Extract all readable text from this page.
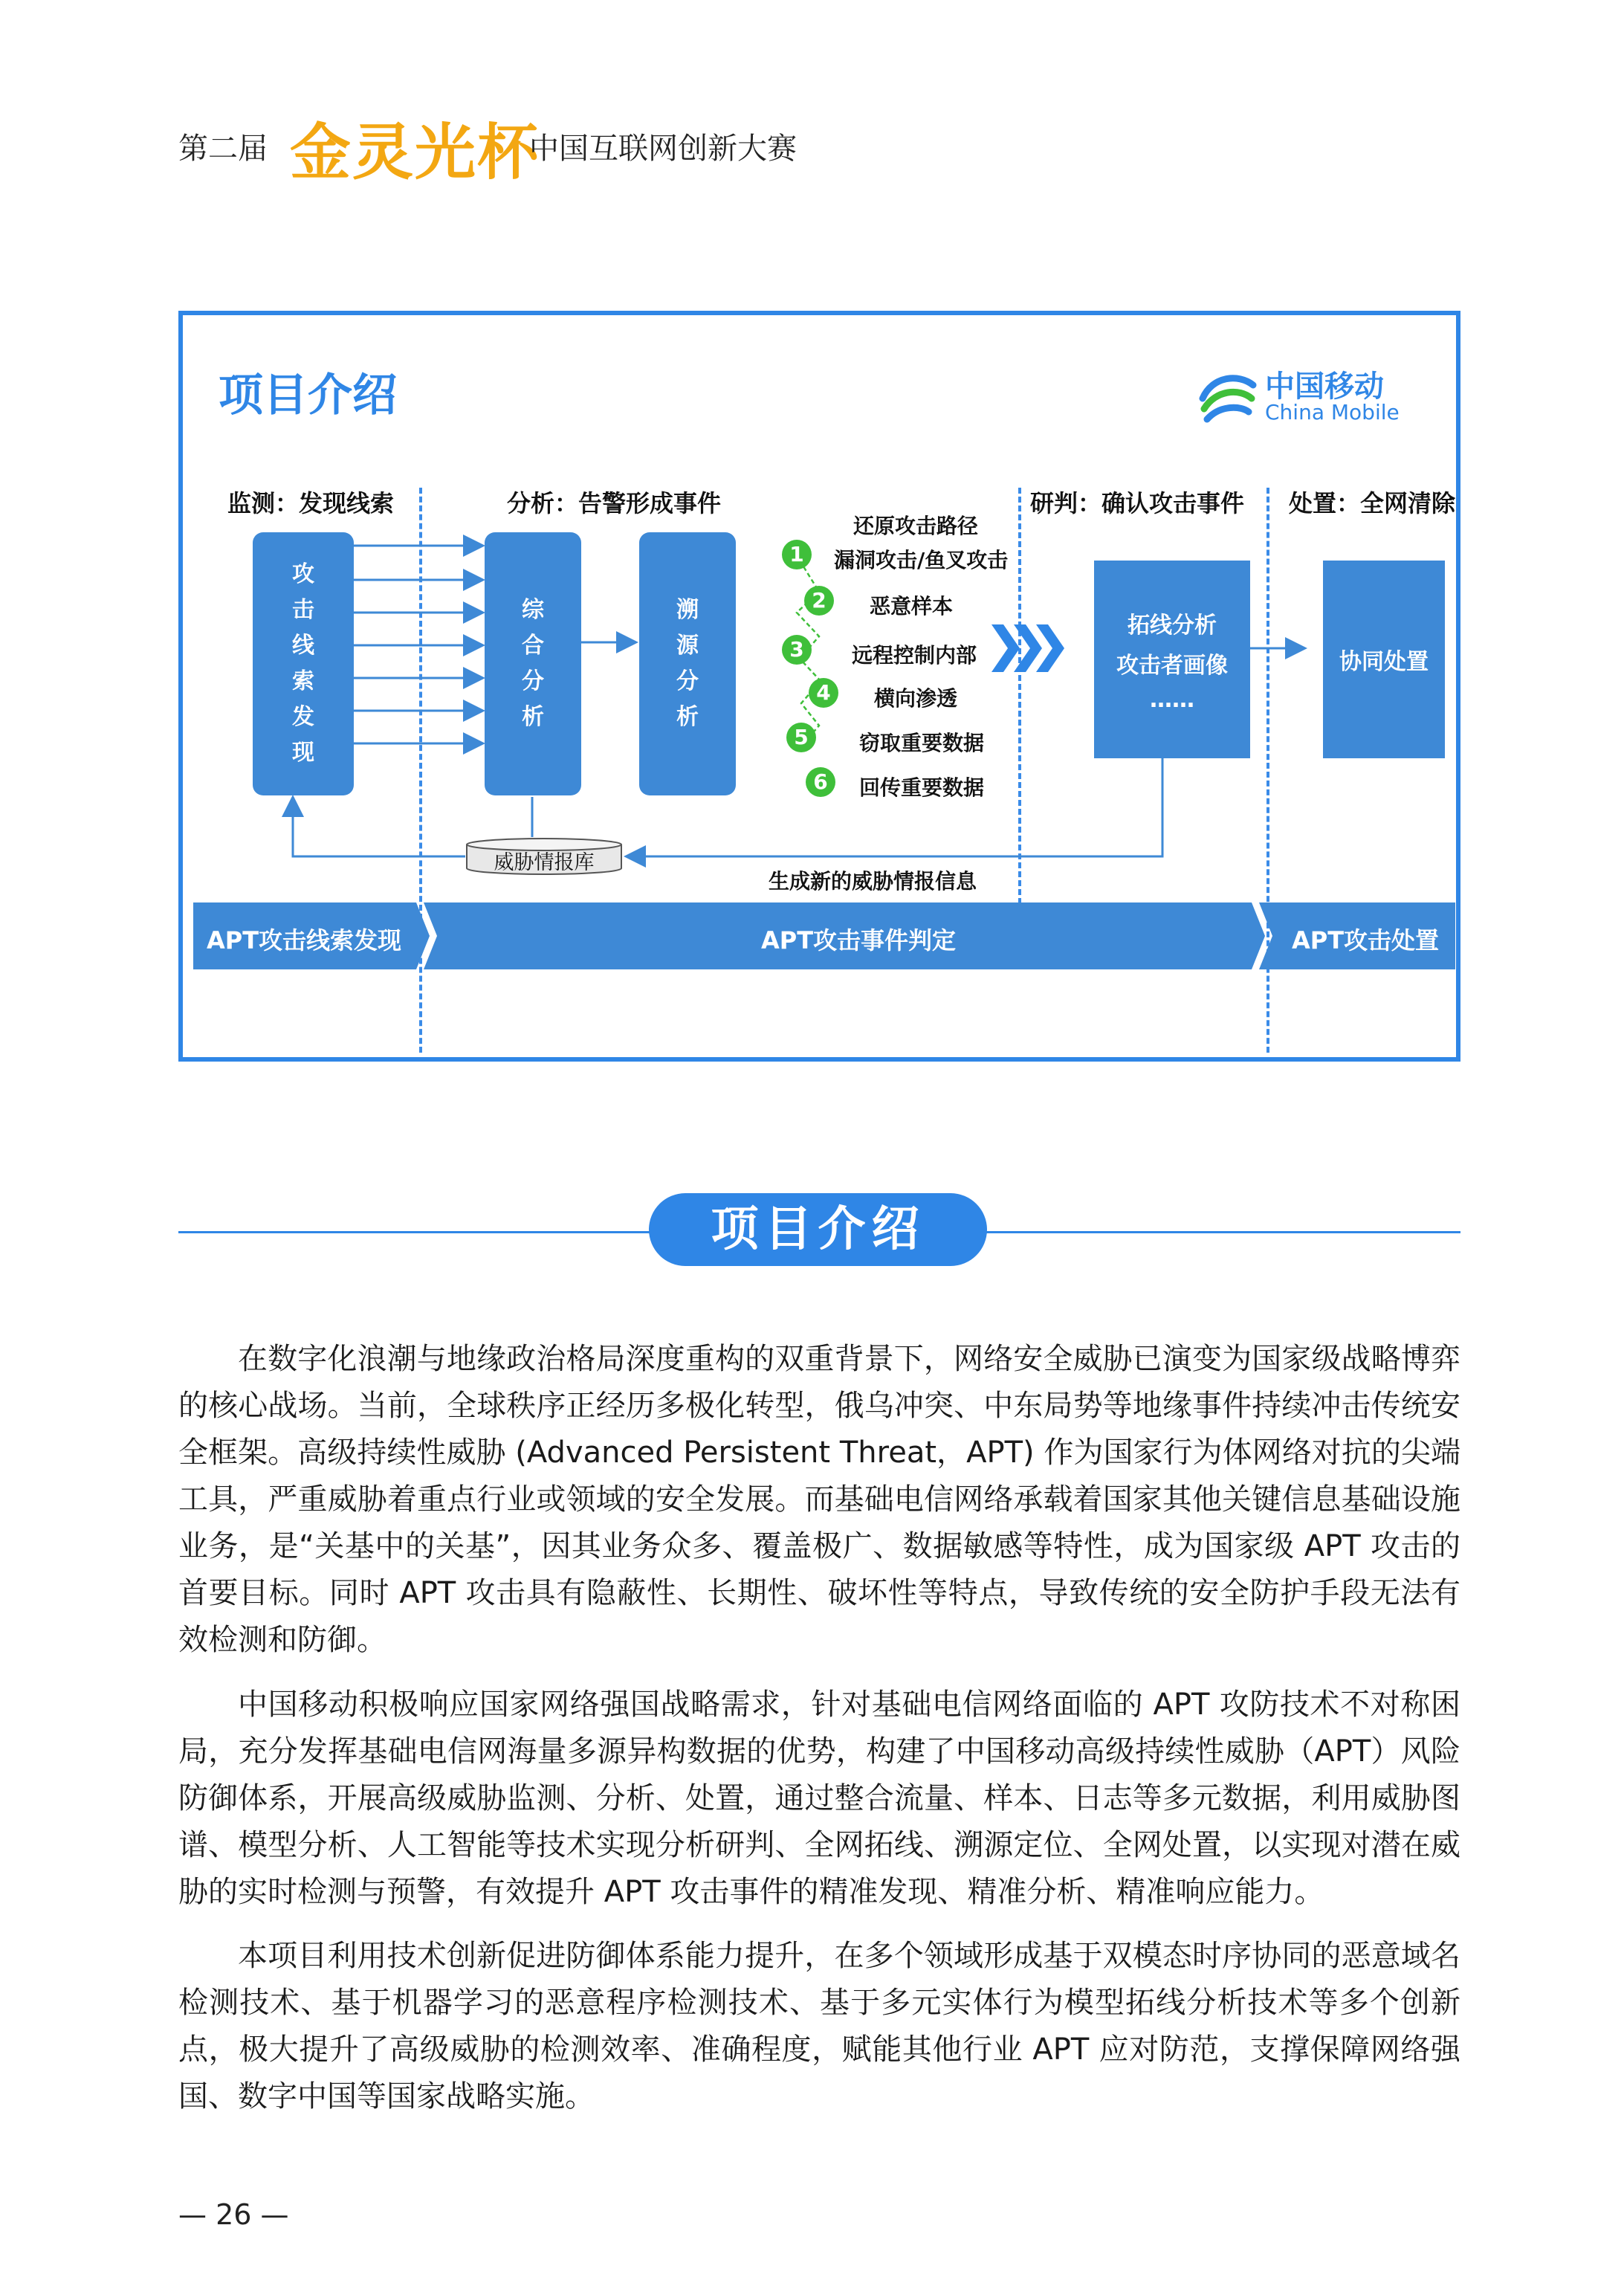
第二届 金灵光杯
中国互联网创新大赛
项目介绍	中国移动
China Mobile
监测：发现线索	分析：告警形成事件	研判：确认攻击事件 处置：全网清除
攻
击
线
索
发
现
综
合
分
析
溯
源
分
析
还原攻击路径
1	漏洞攻击/鱼叉攻击
2	恶意样本
3	远程控制内部
4	横向渗透
5	窃取重要数据
6	回传重要数据
拓线分析
攻击者画像
……
协同处置
威胁情报库
生成新的威胁情报信息
APT攻击线索发现	APT攻击事件判定	APT攻击处置
项目介绍

在数字化浪潮与地缘政治格局深度重构的双重背景下，网络安全威胁已演变为国家级战略博弈的核心战场。当前，全球秩序正经历多极化转型，俄乌冲突、中东局势等地缘事件持续冲击传统安全框架。高级持续性威胁 (Advanced Persistent Threat，APT) 作为国家行为体网络对抗的尖端工具，严重威胁着重点行业或领域的安全发展。而基础电信网络承载着国家其他关键信息基础设施业务，是“关基中的关基”，因其业务众多、覆盖极广、数据敏感等特性，成为国家级 APT 攻击的首要目标。同时 APT 攻击具有隐蔽性、长期性、破坏性等特点，导致传统的安全防护手段无法有效检测和防御。

中国移动积极响应国家网络强国战略需求，针对基础电信网络面临的 APT 攻防技术不对称困局，充分发挥基础电信网海量多源异构数据的优势，构建了中国移动高级持续性威胁（APT）风险防御体系，开展高级威胁监测、分析、处置，通过整合流量、样本、日志等多元数据，利用威胁图谱、模型分析、人工智能等技术实现分析研判、全网拓线、溯源定位、全网处置，以实现对潜在威胁的实时检测与预警，有效提升 APT 攻击事件的精准发现、精准分析、精准响应能力。

本项目利用技术创新促进防御体系能力提升，在多个领域形成基于双模态时序协同的恶意域名检测技术、基于机器学习的恶意程序检测技术、基于多元实体行为模型拓线分析技术等多个创新点，极大提升了高级威胁的检测效率、准确程度，赋能其他行业 APT 应对防范，支撑保障网络强国、数字中国等国家战略实施。

— 26 —
